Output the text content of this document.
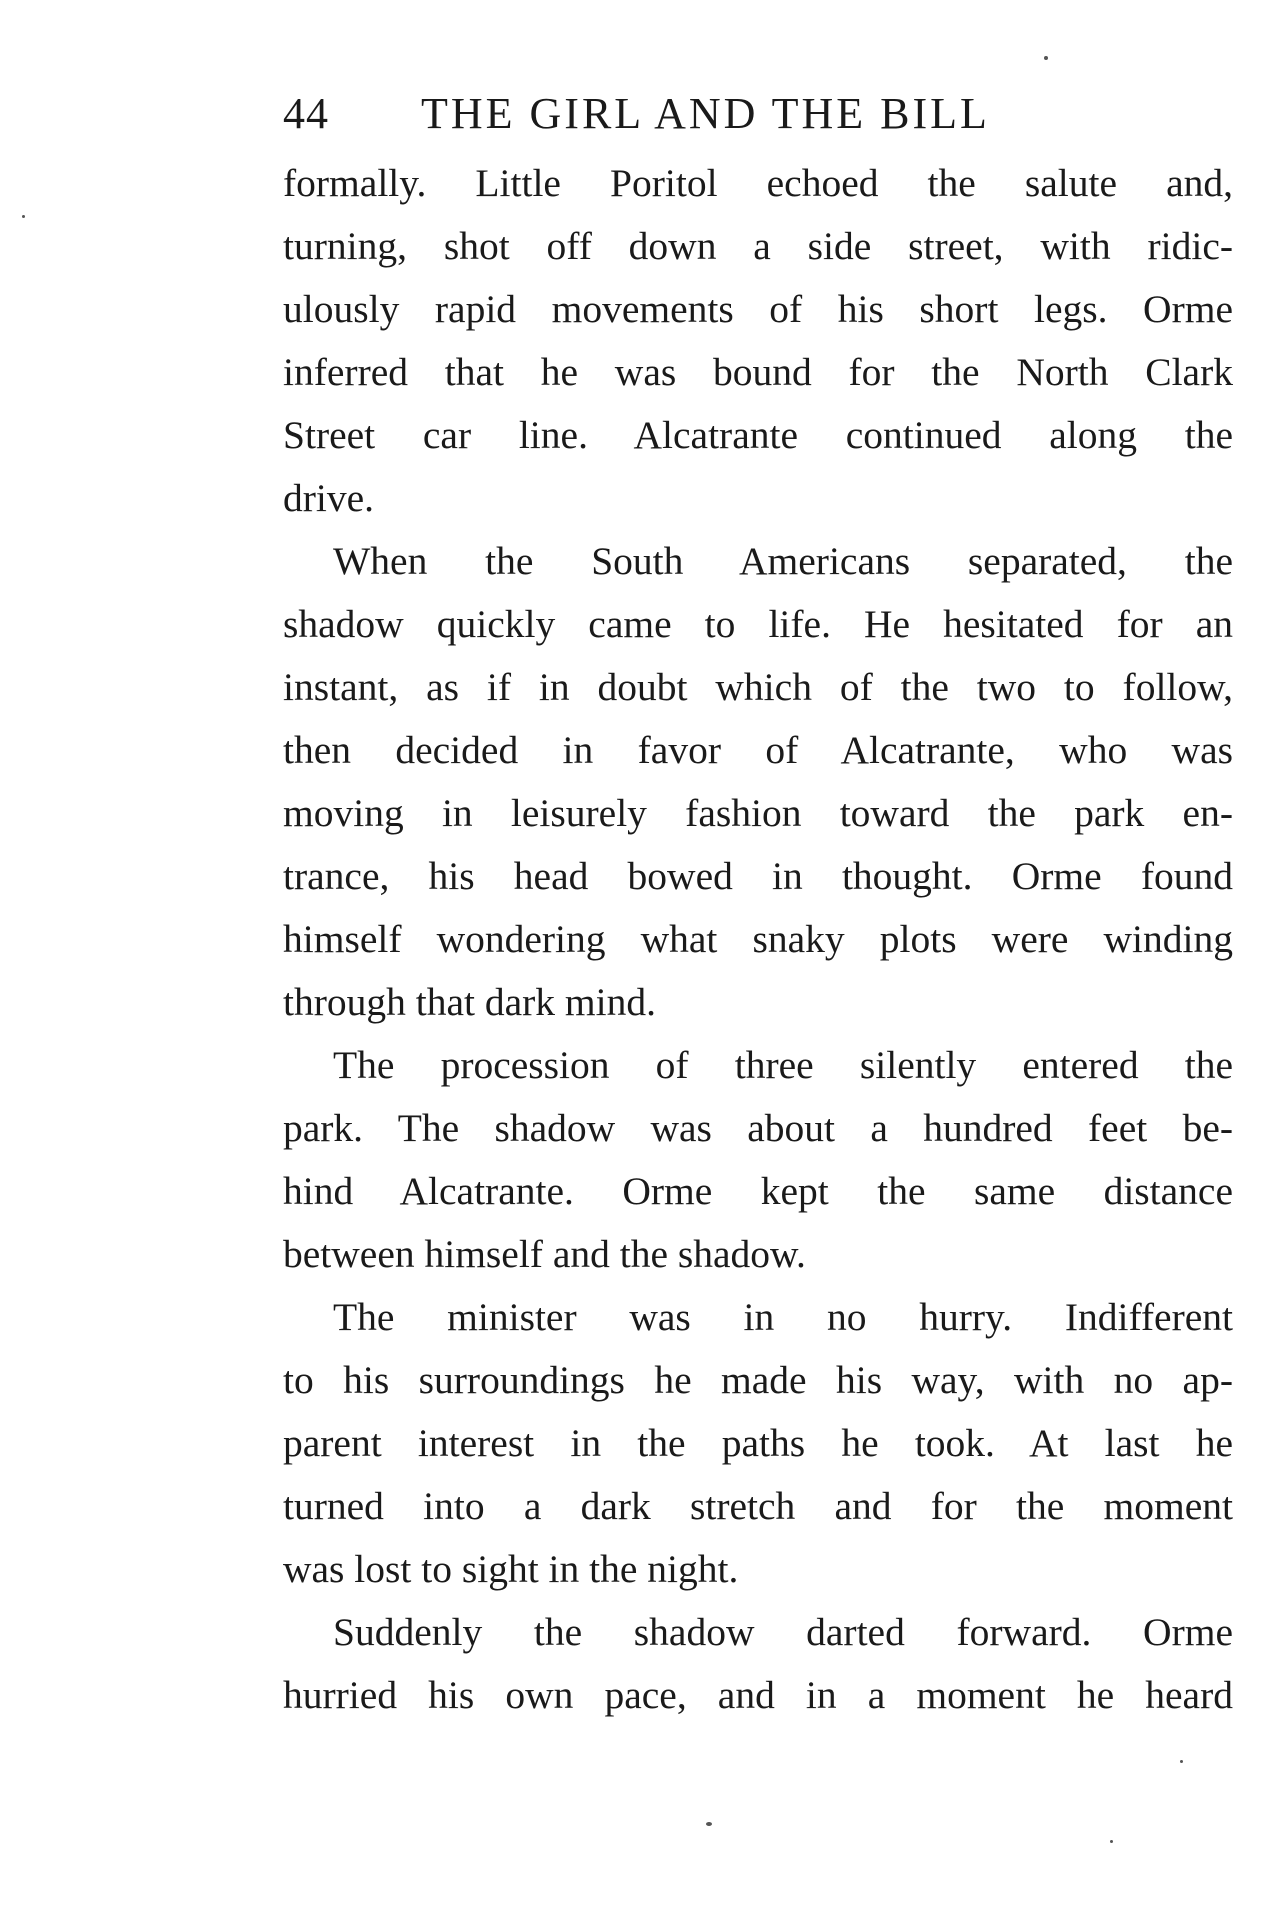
44 THE GIRL AND THE BILL
formally. Little Poritol echoed the salute and,
turning, shot off down a side street, with ridic-
ulously rapid movements of his short legs. Orme
inferred that he was bound for the North Clark
Street car line. Alcatrante continued along the
drive.
When the South Americans separated, the
shadow quickly came to life. He hesitated for an
instant, as if in doubt which of the two to follow,
then decided in favor of Alcatrante, who was
moving in leisurely fashion toward the park en-
trance, his head bowed in thought. Orme found
himself wondering what snaky plots were winding
through that dark mind.
The procession of three silently entered the
park. The shadow was about a hundred feet be-
hind Alcatrante. Orme kept the same distance
between himself and the shadow.
The minister was in no hurry. Indifferent
to his surroundings he made his way, with no ap-
parent interest in the paths he took. At last he
turned into a dark stretch and for the moment
was lost to sight in the night.
Suddenly the shadow darted forward. Orme
hurried his own pace, and in a moment he heard
